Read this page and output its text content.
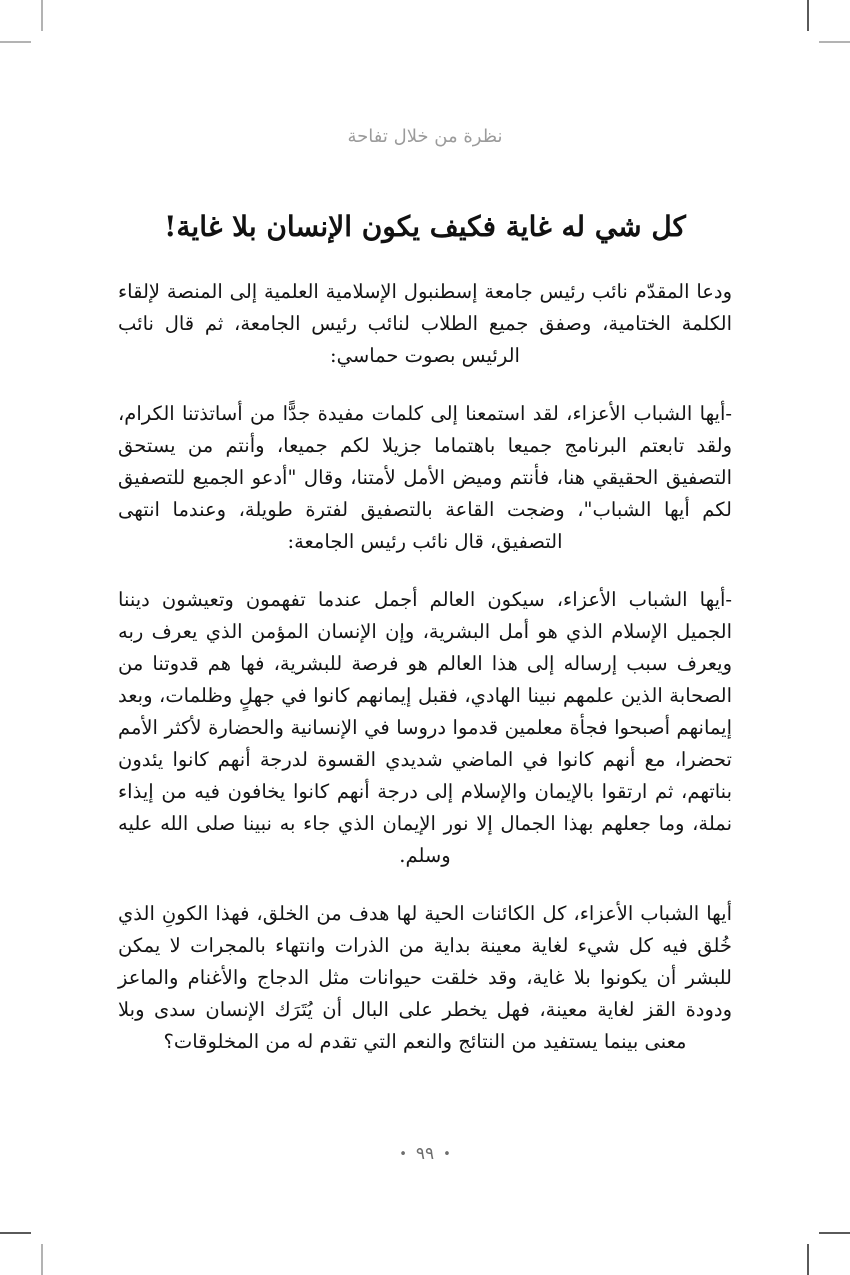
نظرة من خلال تفاحة
كل شي له غاية فكيف يكون الإنسان بلا غاية!

ودعا المقدّم نائب رئيس جامعة إسطنبول الإسلامية العلمية إلى المنصة لإلقاء الكلمة الختامية، وصفق جميع الطلاب لنائب رئيس الجامعة، ثم قال نائب الرئيس بصوت حماسي:

-أيها الشباب الأعزاء، لقد استمعنا إلى كلمات مفيدة جدًّا من أساتذتنا الكرام، ولقد تابعتم البرنامج جميعا باهتماما جزيلا لكم جميعا، وأنتم من يستحق التصفيق الحقيقي هنا، فأنتم وميض الأمل لأمتنا، وقال "أدعو الجميع للتصفيق لكم أيها الشباب"، وضجت القاعة بالتصفيق لفترة طويلة، وعندما انتهى التصفيق، قال نائب رئيس الجامعة:

-أيها الشباب الأعزاء، سيكون العالم أجمل عندما تفهمون وتعيشون ديننا الجميل الإسلام الذي هو أمل البشرية، وإن الإنسان المؤمن الذي يعرف ربه ويعرف سبب إرساله إلى هذا العالم هو فرصة للبشرية، فها هم قدوتنا من الصحابة الذين علمهم نبينا الهادي، فقبل إيمانهم كانوا في جهلٍ وظلمات، وبعد إيمانهم أصبحوا فجأة معلمين قدموا دروسا في الإنسانية والحضارة لأكثر الأمم تحضرا، مع أنهم كانوا في الماضي شديدي القسوة لدرجة أنهم كانوا يئدون بناتهم، ثم ارتقوا بالإيمان والإسلام إلى درجة أنهم كانوا يخافون فيه من إيذاء نملة، وما جعلهم بهذا الجمال إلا نور الإيمان الذي جاء به نبينا صلى الله عليه وسلم.

أيها الشباب الأعزاء، كل الكائنات الحية لها هدف من الخلق، فهذا الكونِ الذي خُلق فيه كل شيء لغاية معينة بداية من الذرات وانتهاء بالمجرات لا يمكن للبشر أن يكونوا بلا غاية، وقد خلقت حيوانات مثل الدجاج والأغنام والماعز ودودة القز لغاية معينة، فهل يخطر على البال أن يُتَرَك الإنسان سدى وبلا معنى بينما يستفيد من النتائج والنعم التي تقدم له من المخلوقات؟

• ٩٩ •
